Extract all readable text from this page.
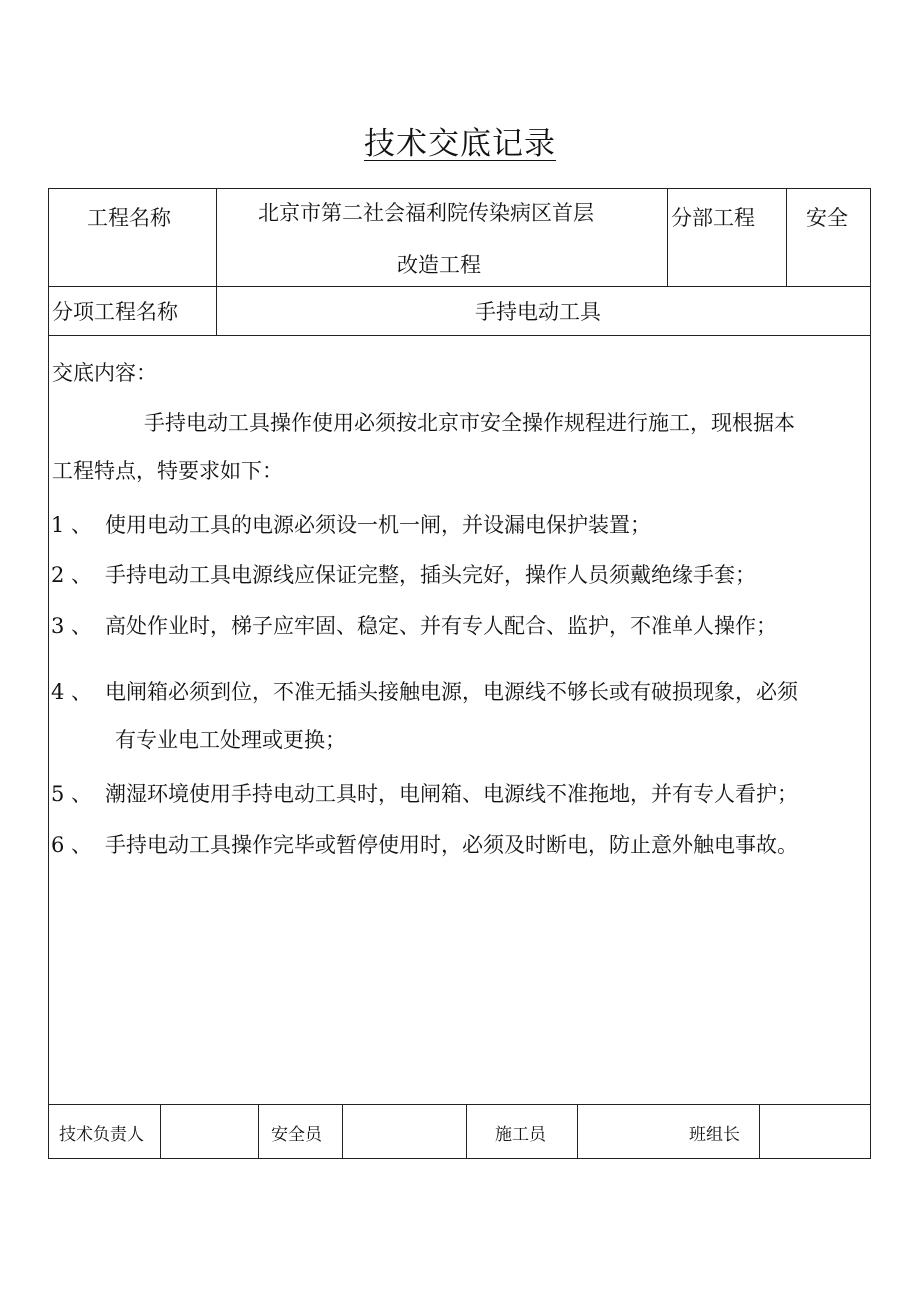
技术交底记录
工程名称	北京市第二社会福利院传染病区首层
改造工程
分部工程 安全
分项工程名称	手持电动工具
交底内容：
手持电动工具操作使用必须按北京市安全操作规程进行施工，现根据本
工程特点，特要求如下：
1 、 使用电动工具的电源必须设一机一闸，并设漏电保护装置；
2 、 手持电动工具电源线应保证完整，插头完好，操作人员须戴绝缘手套；
3 、 高处作业时，梯子应牢固、稳定、并有专人配合、监护，不准单人操作；
4 、 电闸箱必须到位，不准无插头接触电源，电源线不够长或有破损现象，必须
有专业电工处理或更换；
5 、 潮湿环境使用手持电动工具时，电闸箱、电源线不准拖地，并有专人看护；
6 、 手持电动工具操作完毕或暂停使用时，必须及时断电，防止意外触电事故。
技术负责人	安全员	施工员	班组长
